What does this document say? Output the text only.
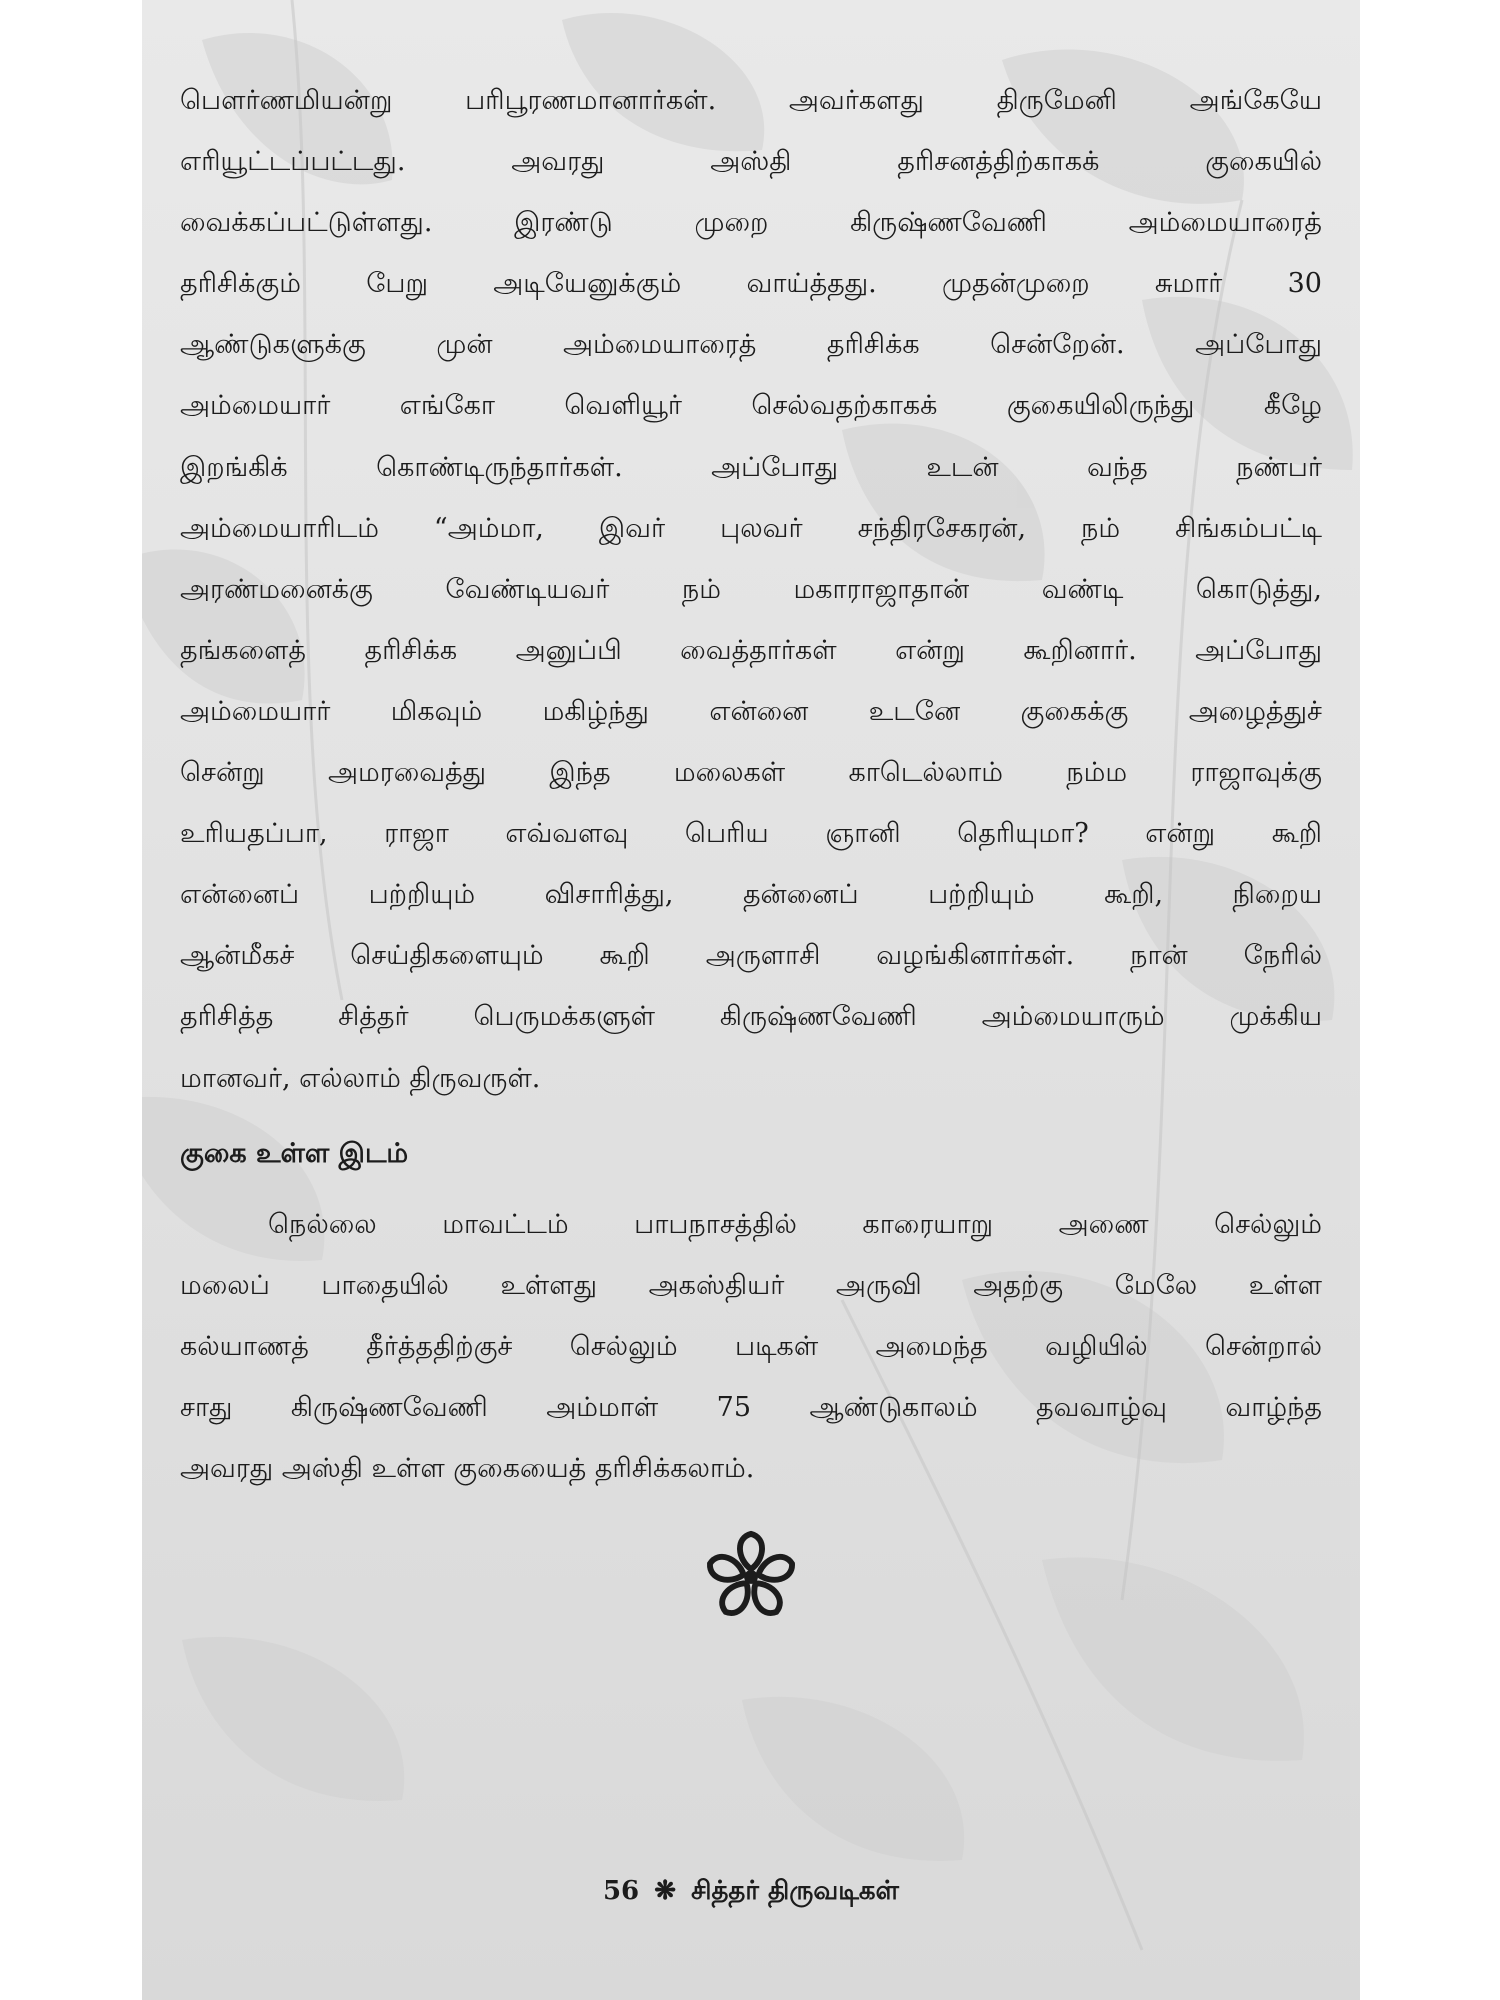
பௌர்ணமியன்று பரிபூரணமானார்கள். அவர்களது திருமேனி அங்கேயே
எரியூட்டப்பட்டது. அவரது அஸ்தி தரிசனத்திற்காகக் குகையில்
வைக்கப்பட்டுள்ளது. இரண்டு முறை கிருஷ்ணவேணி அம்மையாரைத்
தரிசிக்கும் பேறு அடியேனுக்கும் வாய்த்தது. முதன்முறை சுமார் 30
ஆண்டுகளுக்கு முன் அம்மையாரைத் தரிசிக்க சென்றேன். அப்போது
அம்மையார் எங்கோ வெளியூர் செல்வதற்காகக் குகையிலிருந்து கீழே
இறங்கிக் கொண்டிருந்தார்கள். அப்போது உடன் வந்த நண்பர்
அம்மையாரிடம் “அம்மா, இவர் புலவர் சந்திரசேகரன், நம் சிங்கம்பட்டி
அரண்மனைக்கு வேண்டியவர் நம் மகாராஜாதான் வண்டி கொடுத்து,
தங்களைத் தரிசிக்க அனுப்பி வைத்தார்கள் என்று கூறினார். அப்போது
அம்மையார் மிகவும் மகிழ்ந்து என்னை உடனே குகைக்கு அழைத்துச்
சென்று அமரவைத்து இந்த மலைகள் காடெல்லாம் நம்ம ராஜாவுக்கு
உரியதப்பா, ராஜா எவ்வளவு பெரிய ஞானி தெரியுமா? என்று கூறி
என்னைப் பற்றியும் விசாரித்து, தன்னைப் பற்றியும் கூறி, நிறைய
ஆன்மீகச் செய்திகளையும் கூறி அருளாசி வழங்கினார்கள். நான் நேரில்
தரிசித்த சித்தர் பெருமக்களுள் கிருஷ்ணவேணி அம்மையாரும் முக்கிய
மானவர், எல்லாம் திருவருள்.
குகை உள்ள இடம்
நெல்லை மாவட்டம் பாபநாசத்தில் காரையாறு அணை செல்லும்
மலைப் பாதையில் உள்ளது அகஸ்தியர் அருவி அதற்கு மேலே உள்ள
கல்யாணத் தீர்த்ததிற்குச் செல்லும் படிகள் அமைந்த வழியில் சென்றால்
சாது கிருஷ்ணவேணி அம்மாள் 75 ஆண்டுகாலம் தவவாழ்வு வாழ்ந்த
அவரது அஸ்தி உள்ள குகையைத் தரிசிக்கலாம்.
56 ❋ சித்தர் திருவடிகள்
